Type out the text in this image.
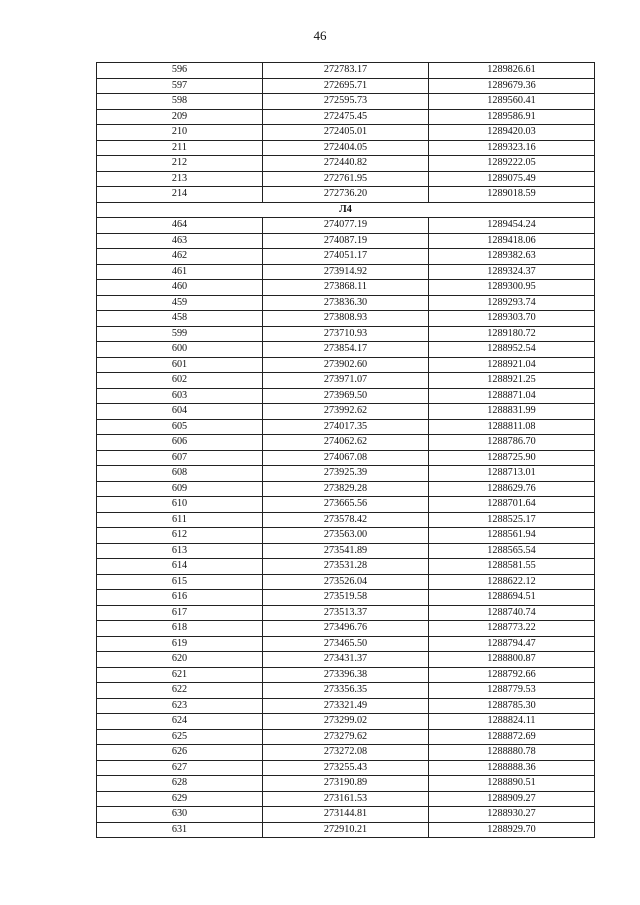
46
596	272783.17	1289826.61
597	272695.71	1289679.36
598	272595.73	1289560.41
209	272475.45	1289586.91
210	272405.01	1289420.03
211	272404.05	1289323.16
212	272440.82	1289222.05
213	272761.95	1289075.49
214	272736.20	1289018.59
Л4		
464	274077.19	1289454.24
463	274087.19	1289418.06
462	274051.17	1289382.63
461	273914.92	1289324.37
460	273868.11	1289300.95
459	273836.30	1289293.74
458	273808.93	1289303.70
599	273710.93	1289180.72
600	273854.17	1288952.54
601	273902.60	1288921.04
602	273971.07	1288921.25
603	273969.50	1288871.04
604	273992.62	1288831.99
605	274017.35	1288811.08
606	274062.62	1288786.70
607	274067.08	1288725.90
608	273925.39	1288713.01
609	273829.28	1288629.76
610	273665.56	1288701.64
611	273578.42	1288525.17
612	273563.00	1288561.94
613	273541.89	1288565.54
614	273531.28	1288581.55
615	273526.04	1288622.12
616	273519.58	1288694.51
617	273513.37	1288740.74
618	273496.76	1288773.22
619	273465.50	1288794.47
620	273431.37	1288800.87
621	273396.38	1288792.66
622	273356.35	1288779.53
623	273321.49	1288785.30
624	273299.02	1288824.11
625	273279.62	1288872.69
626	273272.08	1288880.78
627	273255.43	1288888.36
628	273190.89	1288890.51
629	273161.53	1288909.27
630	273144.81	1288930.27
631	272910.21	1288929.70
